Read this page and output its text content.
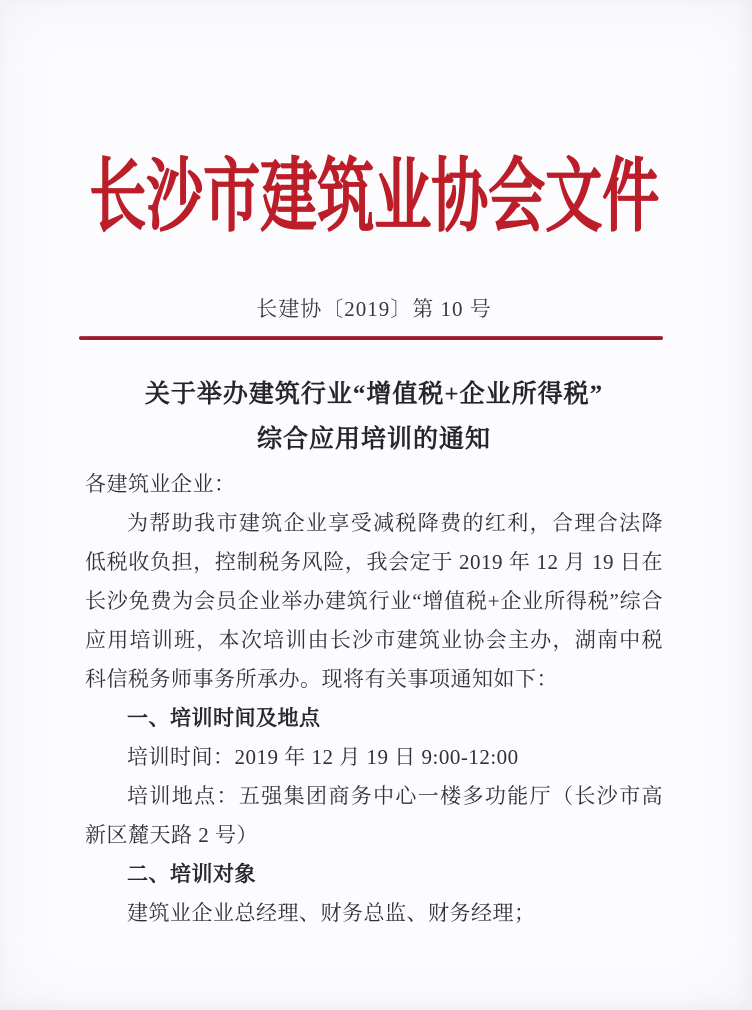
长沙市建筑业协会文件
长建协〔2019〕第 10 号
关于举办建筑行业“增值税+企业所得税”
综合应用培训的通知

各建筑业企业：

为帮助我市建筑企业享受减税降费的红利，合理合法降低税收负担，控制税务风险，我会定于 2019 年 12 月 19 日在长沙免费为会员企业举办建筑行业“增值税+企业所得税”综合应用培训班，本次培训由长沙市建筑业协会主办，湖南中税科信税务师事务所承办。现将有关事项通知如下：

一、培训时间及地点

培训时间：2019 年 12 月 19 日 9:00-12:00

培训地点：五强集团商务中心一楼多功能厅（长沙市高新区麓天路 2 号）

二、培训对象

建筑业企业总经理、财务总监、财务经理；
